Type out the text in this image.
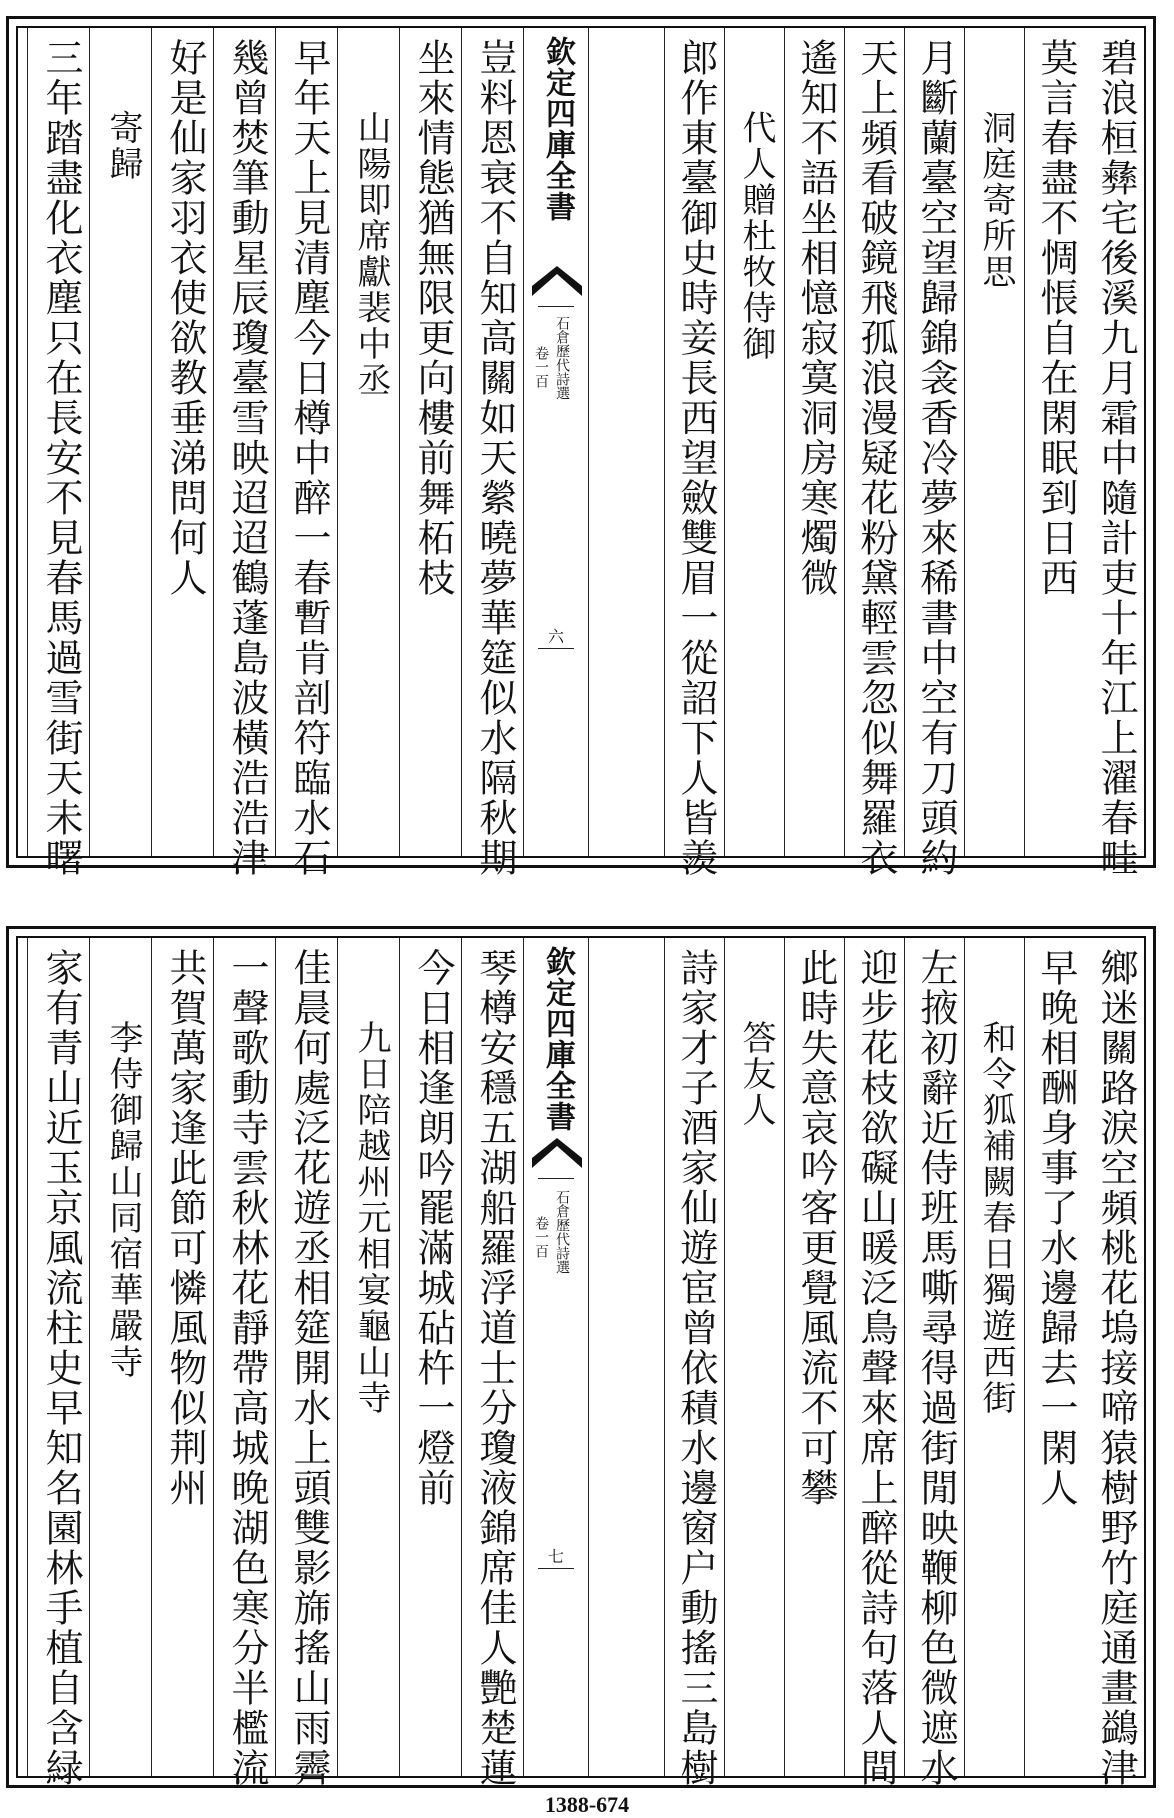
碧浪桓彝宅後溪九月霜中隨計吏十年江上濯春畦
莫言春盡不惆悵自在閑眠到日西
　　洞庭寄所思
月斷蘭臺空望歸錦衾香冷夢來稀書中空有刀頭約
天上頻看破鏡飛孤浪漫疑花粉黛輕雲忽似舞羅衣
遙知不語坐相憶寂寞洞房寒燭微
　　代人贈杜牧侍御
郎作東臺御史時妾長西望斂雙眉一從詔下人皆羨
豈料恩衰不自知高關如天縈曉夢華筵似水隔秋期
坐來情態猶無限更向樓前舞柘枝
　　山陽即席獻裴中丞
早年天上見清塵今日樽中醉一春暫肯剖符臨水石
幾曾焚筆動星辰瓊臺雪映迢迢鶴蓬島波橫浩浩津
好是仙家羽衣使欲教垂涕問何人
　　寄歸
三年踏盡化衣塵只在長安不見春馬過雪街天未曙	欽定四庫全書
石倉歷代詩選
卷一百
六
鄉迷關路淚空頻桃花塢接啼猿樹野竹庭通畫鷁津
早晚相酬身事了水邊歸去一閑人
　　和令狐補闕春日獨遊西街
左掖初辭近侍班馬嘶尋得過街閒映鞭柳色微遮水
迎步花枝欲礙山暖泛鳥聲來席上醉從詩句落人間
此時失意哀吟客更覺風流不可攀
　　答友人
詩家才子酒家仙遊宦曾依積水邊窗户動搖三島樹
琴樽安穩五湖船羅浮道士分瓊液錦席佳人艷楚蓮
今日相逢朗吟罷滿城砧杵一燈前
　　九日陪越州元相宴龜山寺
佳晨何處泛花遊丞相筵開水上頭雙影旆搖山雨霽
一聲歌動寺雲秋林花靜帶高城晚湖色寒分半檻流
共賀萬家逢此節可憐風物似荆州
　　李侍御歸山同宿華嚴寺
家有青山近玉京風流柱史早知名園林手植自含緑	欽定四庫全書
石倉歷代詩選
卷一百
七
1388-674
